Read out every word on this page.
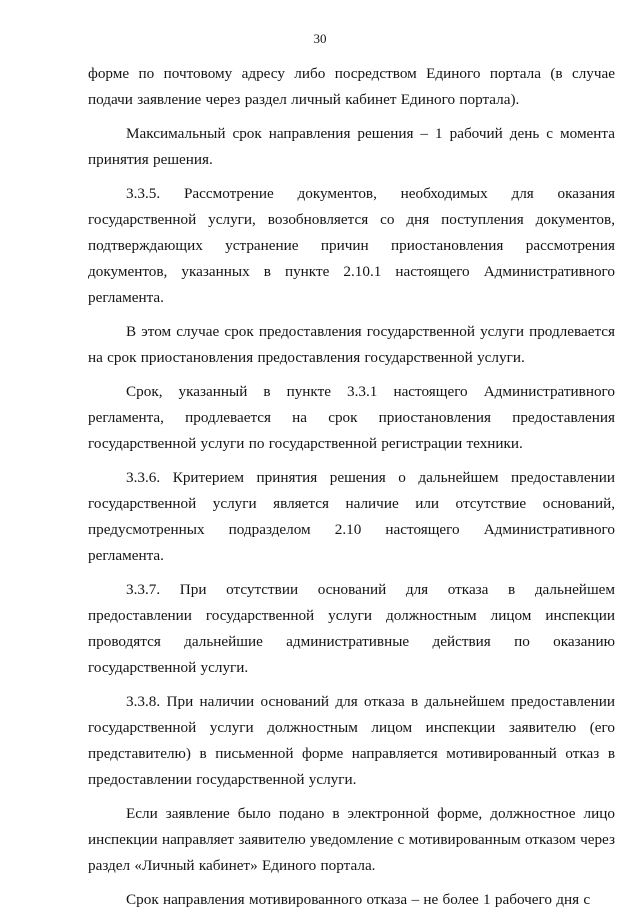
30

форме по почтовому адресу либо посредством Единого портала (в случае подачи заявление через раздел личный кабинет Единого портала).

Максимальный срок направления решения – 1 рабочий день с момента принятия решения.

3.3.5. Рассмотрение документов, необходимых для оказания государственной услуги, возобновляется со дня поступления документов, подтверждающих устранение причин приостановления рассмотрения документов, указанных в пункте 2.10.1 настоящего Административного регламента.

В этом случае срок предоставления государственной услуги продлевается на срок приостановления предоставления государственной услуги.

Срок, указанный в пункте 3.3.1 настоящего Административного регламента, продлевается на срок приостановления предоставления государственной услуги по государственной регистрации техники.

3.3.6. Критерием принятия решения о дальнейшем предоставлении государственной услуги является наличие или отсутствие оснований, предусмотренных подразделом 2.10 настоящего Административного регламента.

3.3.7. При отсутствии оснований для отказа в дальнейшем предоставлении государственной услуги должностным лицом инспекции проводятся дальнейшие административные действия по оказанию государственной услуги.

3.3.8. При наличии оснований для отказа в дальнейшем предоставлении государственной услуги должностным лицом инспекции заявителю (его представителю) в письменной форме направляется мотивированный отказ в предоставлении государственной услуги.

Если заявление было подано в электронной форме, должностное лицо инспекции направляет заявителю уведомление с мотивированным отказом через раздел «Личный кабинет» Единого портала.

Срок направления мотивированного отказа – не более 1 рабочего дня с
